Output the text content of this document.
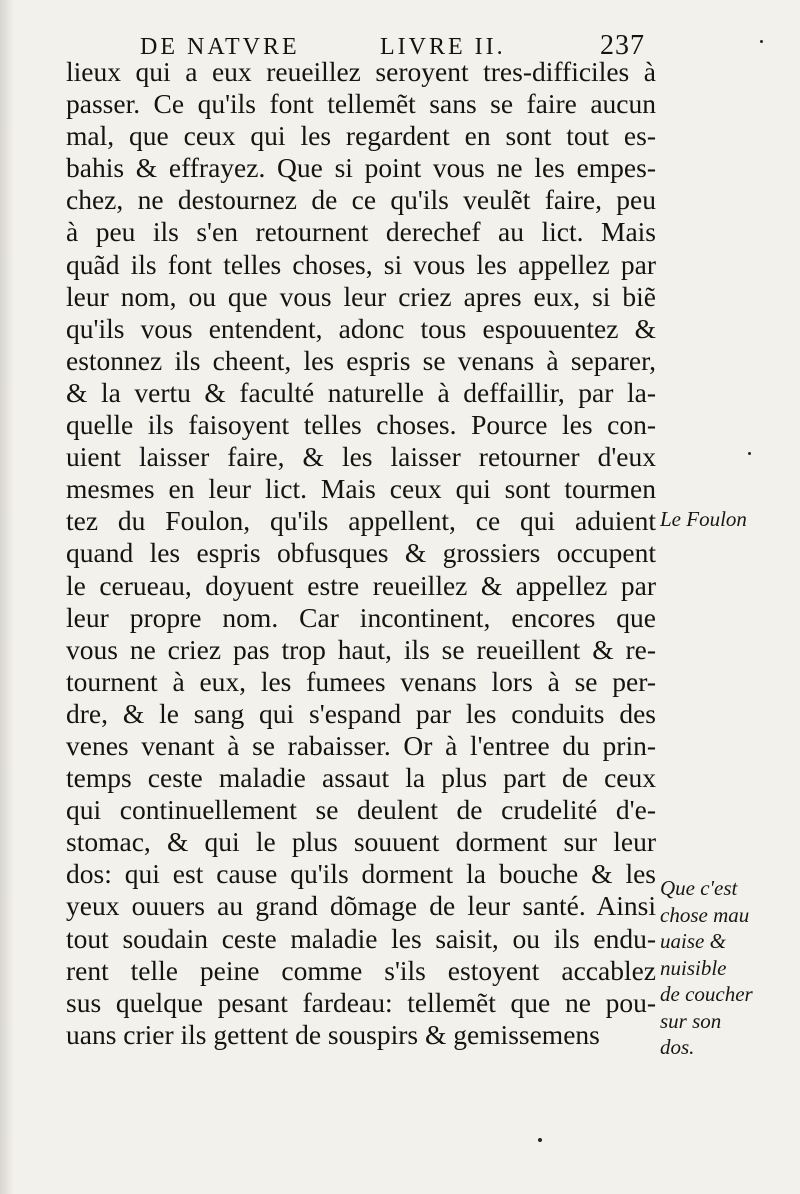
DE NATVRE	LIVRE II.	237
lieux qui a eux reueillez seroyent tres-difficiles à
passer. Ce qu'ils font tellemẽt sans se faire aucun
mal, que ceux qui les regardent en sont tout es-
bahis & effrayez. Que si point vous ne les empes-
chez, ne destournez de ce qu'ils veulẽt faire, peu
à peu ils s'en retournent derechef au lict. Mais
quãd ils font telles choses, si vous les appellez par
leur nom, ou que vous leur criez apres eux, si biẽ
qu'ils vous entendent, adonc tous espouuentez &
estonnez ils cheent, les espris se venans à separer,
& la vertu & faculté naturelle à deffaillir, par la-
quelle ils faisoyent telles choses. Pource les con-
uient laisser faire, & les laisser retourner d'eux
mesmes en leur lict. Mais ceux qui sont tourmen
tez du Foulon, qu'ils appellent, ce qui aduient
quand les espris obfusques & grossiers occupent
le cerueau, doyuent estre reueillez & appellez par
leur propre nom. Car incontinent, encores que
vous ne criez pas trop haut, ils se reueillent & re-
tournent à eux, les fumees venans lors à se per-
dre, & le sang qui s'espand par les conduits des
venes venant à se rabaisser. Or à l'entree du prin-
temps ceste maladie assaut la plus part de ceux
qui continuellement se deulent de crudelité d'e-
stomac, & qui le plus souuent dorment sur leur
dos: qui est cause qu'ils dorment la bouche & les
yeux ouuers au grand dõmage de leur santé. Ainsi
tout soudain ceste maladie les saisit, ou ils endu-
rent telle peine comme s'ils estoyent accablez
sus quelque pesant fardeau: tellemẽt que ne pou-
uans crier ils gettent de souspirs & gemissemens
Le Foulon
Que c'est
chose mau
uaise &
nuisible
de coucher
sur son
dos.
